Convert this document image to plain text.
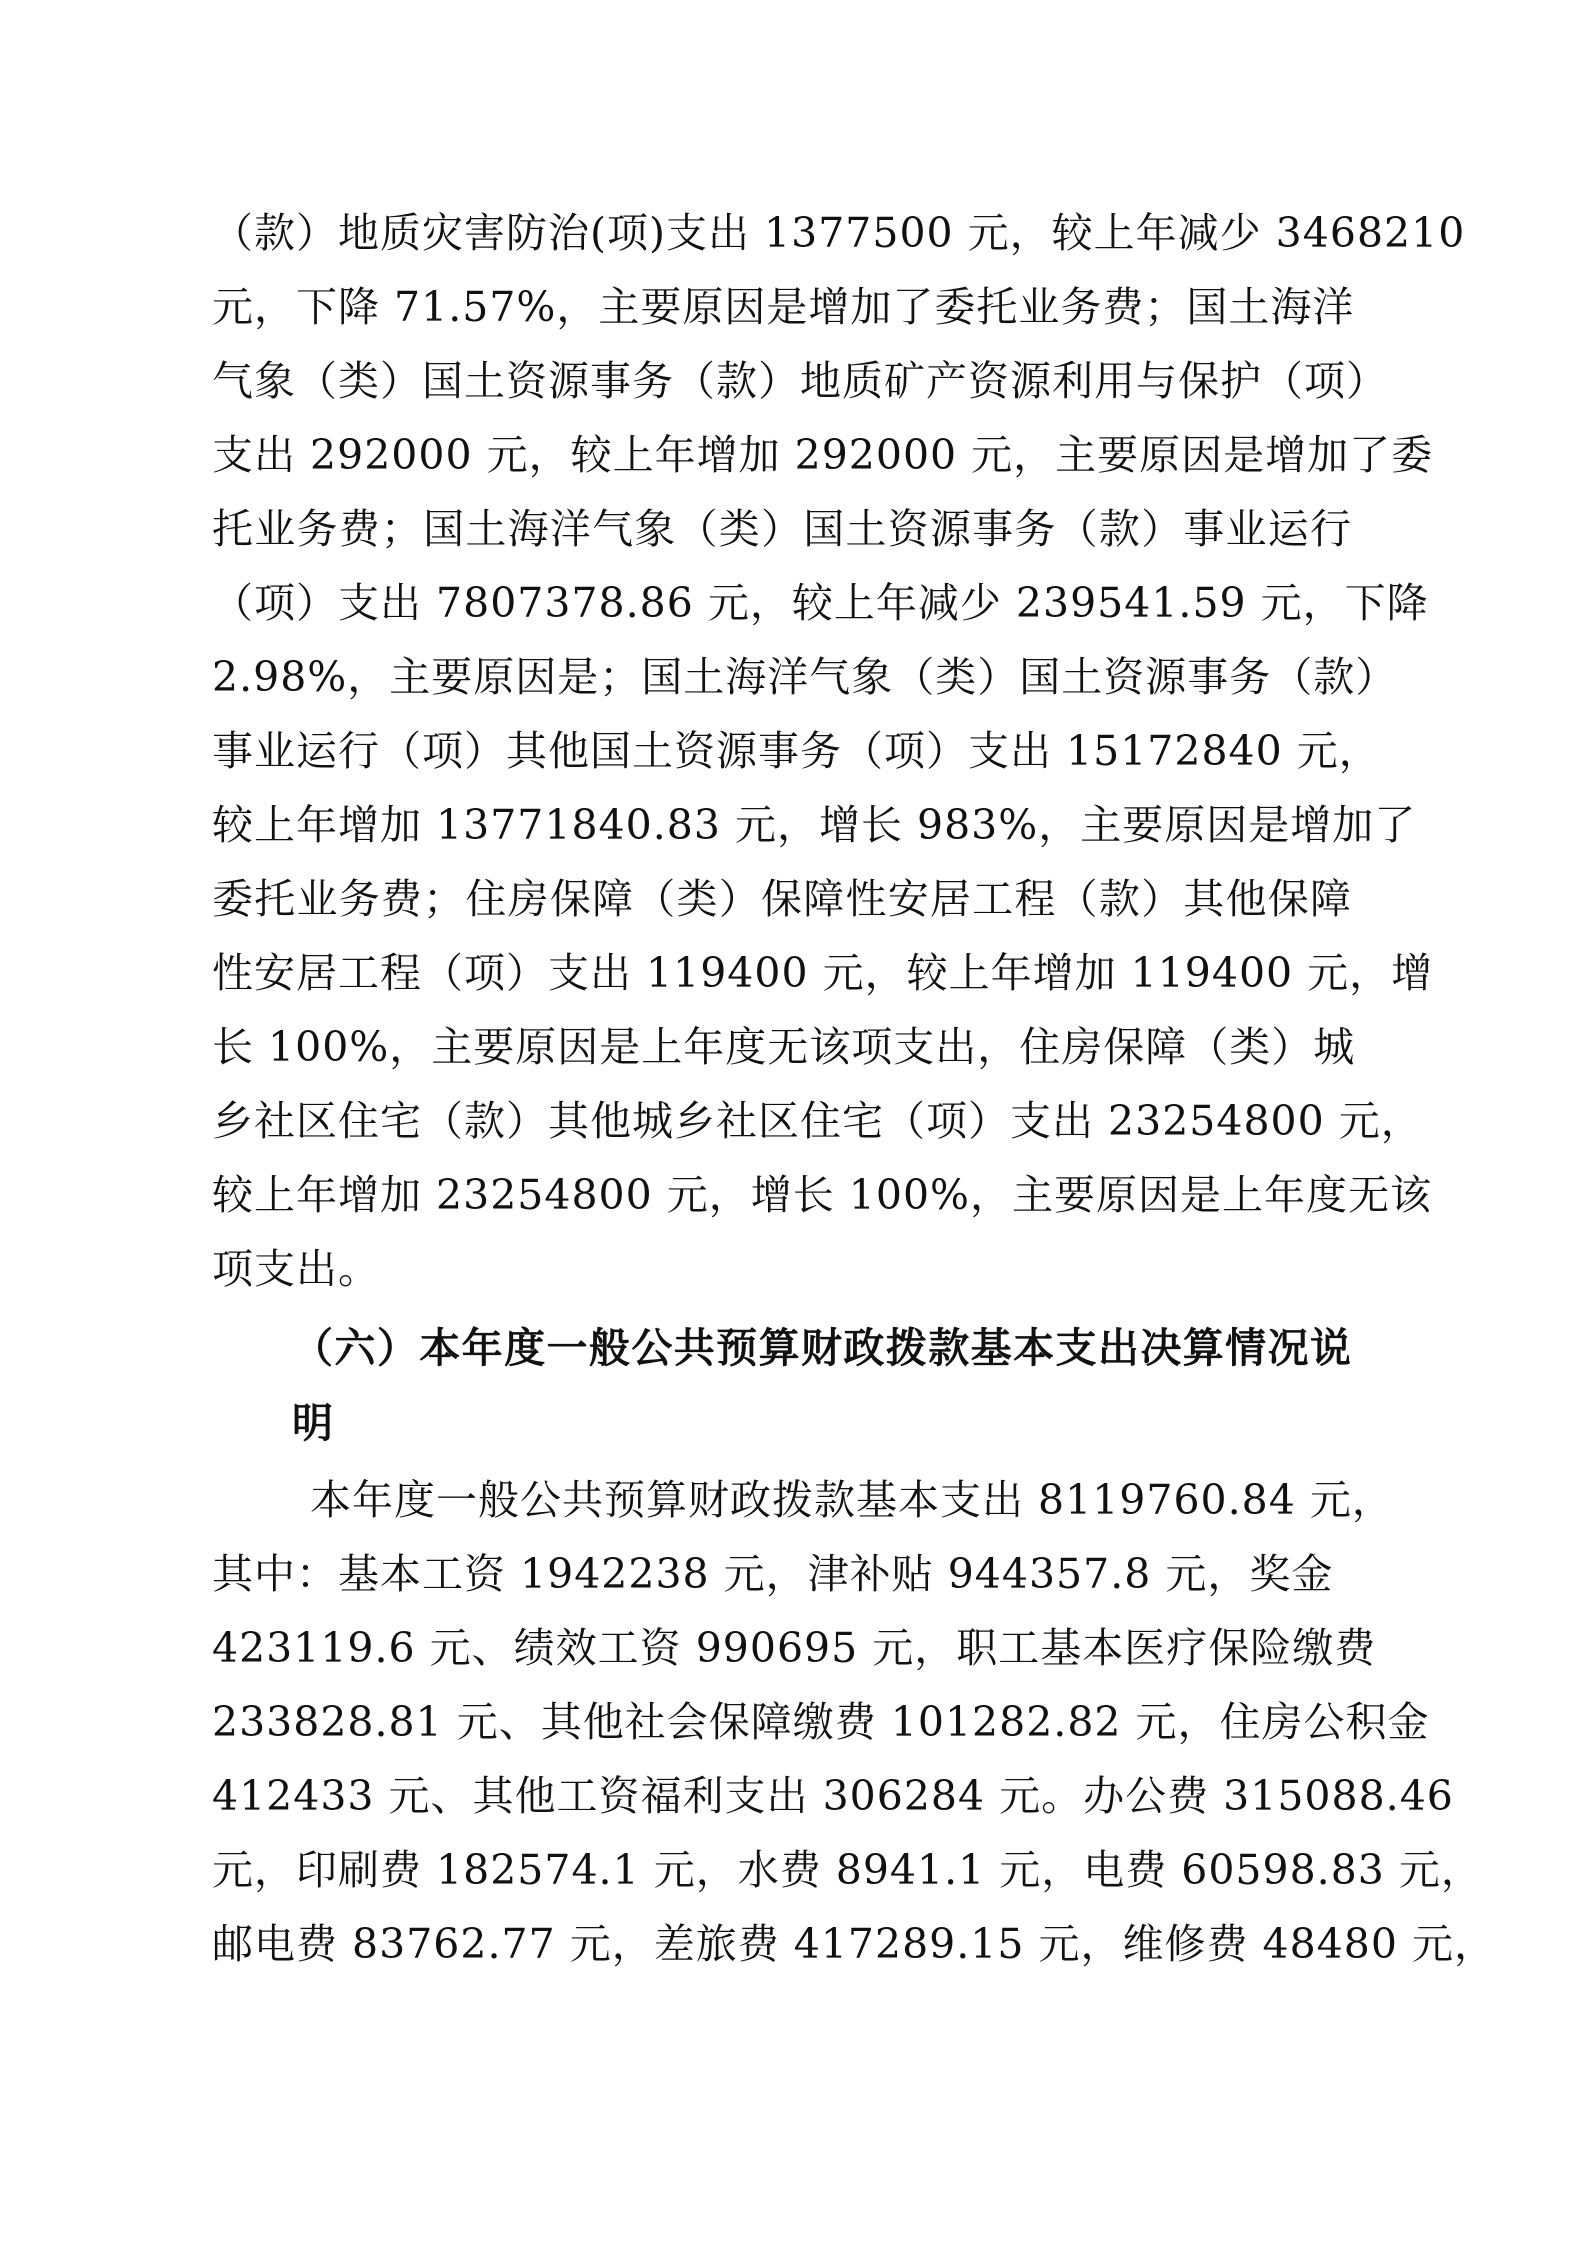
（款）地质灾害防治(项)支出 1377500 元，较上年减少 3468210
元，下降 71.57%，主要原因是增加了委托业务费；国土海洋
气象（类）国土资源事务（款）地质矿产资源利用与保护（项）
支出 292000 元，较上年增加 292000 元，主要原因是增加了委
托业务费；国土海洋气象（类）国土资源事务（款）事业运行
（项）支出 7807378.86 元，较上年减少 239541.59 元，下降
2.98%，主要原因是；国土海洋气象（类）国土资源事务（款）
事业运行（项）其他国土资源事务（项）支出 15172840 元，
较上年增加 13771840.83 元，增长 983%，主要原因是增加了
委托业务费；住房保障（类）保障性安居工程（款）其他保障
性安居工程（项）支出 119400 元，较上年增加 119400 元，增
长 100%，主要原因是上年度无该项支出，住房保障（类）城
乡社区住宅（款）其他城乡社区住宅（项）支出 23254800 元，
较上年增加 23254800 元，增长 100%，主要原因是上年度无该
项支出。
（六）本年度一般公共预算财政拨款基本支出决算情况说
明
本年度一般公共预算财政拨款基本支出 8119760.84 元，
其中：基本工资 1942238 元，津补贴 944357.8 元，奖金
423119.6 元、绩效工资 990695 元，职工基本医疗保险缴费
233828.81 元、其他社会保障缴费 101282.82 元，住房公积金
412433 元、其他工资福利支出 306284 元。办公费 315088.46
元，印刷费 182574.1 元，水费 8941.1 元，电费 60598.83 元，
邮电费 83762.77 元，差旅费 417289.15 元，维修费 48480 元，
